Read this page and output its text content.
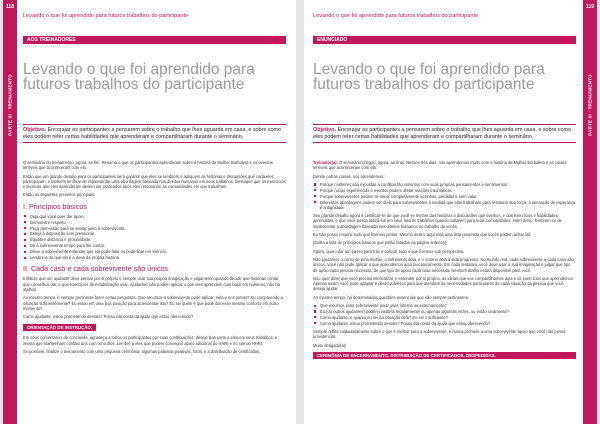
118
PARTE III · TREINAMENTO
Levando o que foi aprendido para futuros trabalhos do participante
AOS TREINADORES
Levando o que foi aprendido para futuros trabalhos do participante
Objetivo. Encorajar os participantes a pensarem sobre o trabalho que lhes aguarda em casa, e sobre como eles podem reter certas habilidades que aprenderam e compartilharam durante o seminário.

O seminário do treinamento, agora, se fim. Resuma o que os participantes aprenderam sobre a história da Mulher Borboleta e os eventos terríveis que aconteceram com ela.

Entâo que um grande desafio para os participantes será garantir que eles se lembrem e apliquem as histórias e discussões que cada eles participaram, e também lembrar de implementar uma abordagem baseada nos direitos humanos em seus trabalhos. Destaque que os exercícios e técnicas que eles aprenderam devem ser praticados após eles retornarem às comunidades em que trabalham.

Entâo os seguintes preceitos principais:

I. Princípios básicos
Diga que você quer dar apoio.
Demonstre respeito.
Peça permissão para se sentar junto à sobrevivente.
Esteja à disposição sem pressionar.
Equilibre distância e proximidade.
Dê à sobrevivente tempo para lhe contar.
Deixe a sobrevivente entender que ela pode falar ou pode ficar em silêncio.
Lembre-a de que ela é a dona da própria história.
II. Cada caso e cada sobrevivente são únicos

Enfatize que um ajudante deve pensar por si próprio e sempre usar sua própria imaginação e julgamento quando decidir que histórias contar, que conselhos dar, e que exercícios de estabilização usar. Ajudantes não podem aplicar o que eles aprendem com base em números, não há atalhos.

Ao mesmo tempo, é sempre pertinente fazer certas perguntas. Que recursos a sobrevivente pode aplicar, nela e nos outros? Eu compreendo a situação suficientemente? Eu estou em uma boa posição para acrescentar isto? Eu sei quem é que pode dar esse mesmo conforto em outro momento?

Como ajudante, estou prometendo demais? Posso dar conta da ajuda que estou oferecendo?

ORIENTAÇÃO DE INSTRUÇÃO.

Em seus comentários de conclusão, agradeça a todos os participantes por suas contribuições, deseje boa sorte a eles em seus trabalhos, e insista que mantenham contato uns com os outros. Lembre a eles que podem conseguir apoio adicional do HHRI e no site do HHRI.

Se possível, finalize o treinamento com uma pequena cerimônia, algumas palavras positivas, fotos, e a distribuição de certificados.

119
PARTE III · TREINAMENTO
Levando o que foi aprendido para futuros trabalhos do participante
ENUNCIADO
Levando o que foi aprendido para futuros trabalhos do participante
Objetivo. Encorajar os participantes a pensarem sobre o trabalho que lhes aguarda em casa, e sobre como eles podem reter certas habilidades que aprenderam e compartilharam durante o seminário.

Treinador(a). O seminário chegou, agora, ao final. Nesses três dias, nós aprendemos muito com a história da Mulher Borboleta e as coisas terríveis que aconteceram com ela.

Dentre outras coisas, nós aprendemos:

Porque mulheres são expostas a conflitos tão violentos com suas próprias pensamentos e sentimentos.
Porque novas experiências e eventos podem afetar reações traumáticas.
Porque sobreviventes podem se sentir completamente sozinhas, perdidas e sem valor.
Diferentes abordagens podem ser úteis para sobreviventes à medida que elas trabalham para restaurar sua força, a sensação de esperança e a dignidade

Seu grande desafio agora é certificar-se de que você se lembre das histórias e discussões que tivemos, e dos exercícios e habilidades aprendidas, e que você possa utilizá-los em seus futuros trabalhos quando voltarem para suas comunidades. Além disso, lembrem-se de implementar a abordagem baseada nos direitos humanos no trabalho de vocês.

Eu não posso resumir tudo que fizemos juntos. Mesmo assim, aqui está uma lista resumida que vocês podem achar útil:

(Exiba a lista de princípios básicos que estão listados na página anterior.)

Agora, quero dar um passo para trás e colocar tudo o que fizemos sob perspectiva.

Não ajudamos o conto de uma mulher, o sofrimento dela, e o retorno dela à vida progresso. No mundo real, cada sobrevivente e cada caso são únicos. Você não pode aplicar o que aprendemos aqui mecanicamente. Em cada tentativa, você deve usar a sua imaginação e julgar que tipo de apoio cada pessoa necessita, de que tipo de apoio cada caso necessita. Nenhum atalho estará disponível para você.

Isso quer dizer que você precisa internalizar, e entender por si próprio, as ideias que vos compartilhamos aqui e os exercícios que aprendemos. Apenas assim você pode adaptar e desenvolvê-los para que atendam às necessidades particulares de cada situação da pessoa que você deseja ajudar.

Ao mesmo tempo, há determinadas questões essenciais que são sempre pertinentes.

Que recursos essa sobrevivente pode usar, interna ou externamente?
Eu (ou outros ajudantes) poderei visitá-la regularmente ou apenas algumas vezes, ou então raramente?
Como ajudante, o quanto eu sei da situação dela? Eu sei o suficiente?
Como ajudante, estou prometendo demais? Posso dar conta da ajuda que estou oferecendo?

Sempre reflita cuidadosamente sobre o que é melhor para a sobrevivente, e nunca prometa a uma sobrevivente apoio que você não possa providenciar.

Muito obrigado(a)!

CERIMÔNIA DE ENCERRAMENTO. DISTRIBUIÇÃO DE CERTIFICADOS. DESPEDIDAS.
